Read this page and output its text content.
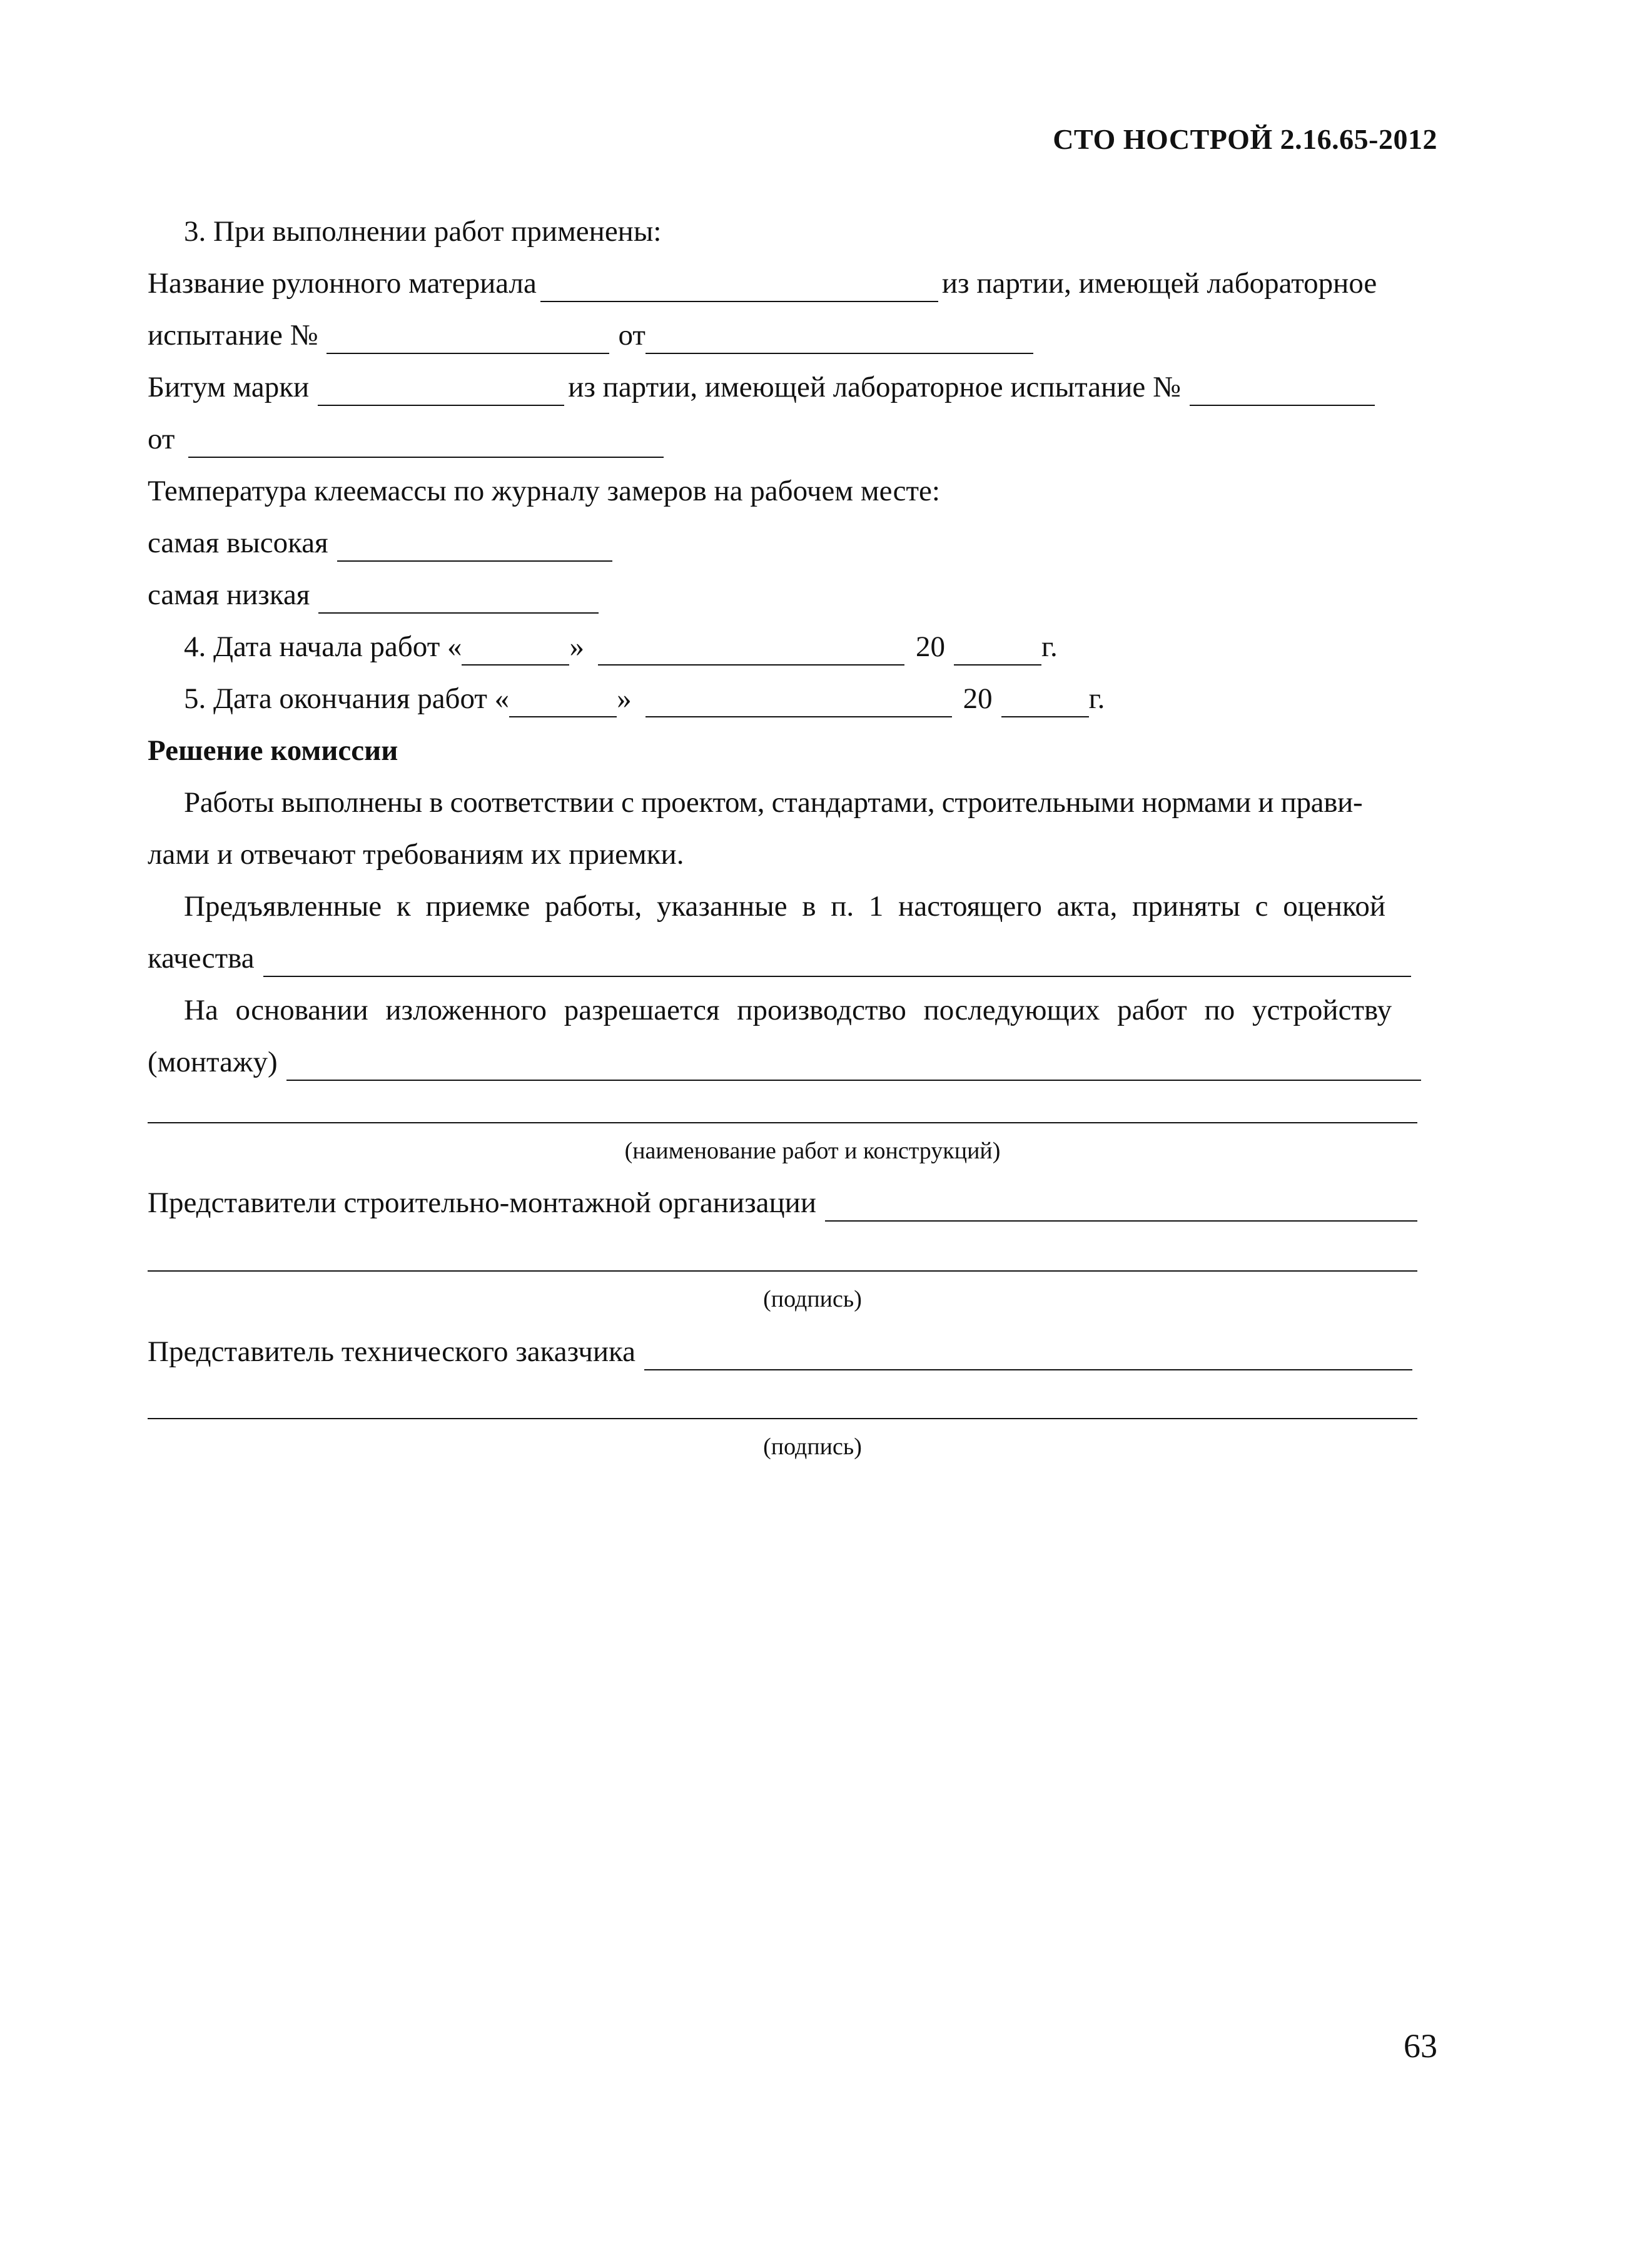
СТО НОСТРОЙ 2.16.65-2012
3. При выполнении работ применены:
Название рулонного материала	из партии, имеющей лабораторное
испытание №	от
Битум марки	из партии, имеющей лабораторное испытание №
от
Температура клеемассы по журналу замеров на рабочем месте:
самая высокая
самая низкая
4. Дата начала работ «	»	20	г.
5. Дата окончания работ «	»	20	г.
Решение комиссии
Работы выполнены в соответствии с проектом, стандартами, строительными нормами и прави-
лами и отвечают требованиям их приемки.
Предъявленные к приемке работы, указанные в п. 1 настоящего акта, приняты с оценкой
качества
На основании изложенного разрешается производство последующих работ по устройству
(монтажу)
(наименование работ и конструкций)
Представители строительно-монтажной организации
(подпись)
Представитель технического заказчика
(подпись)
63
